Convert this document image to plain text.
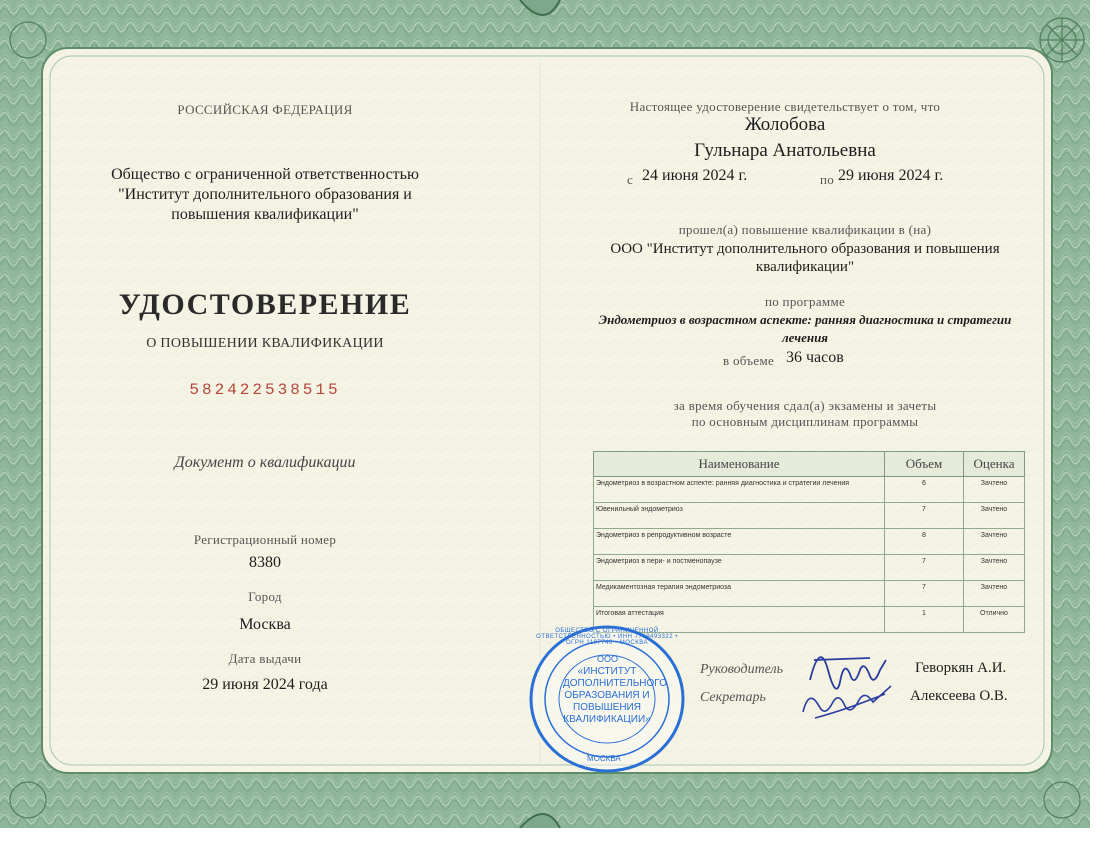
РОССИЙСКАЯ ФЕДЕРАЦИЯ
Общество с ограниченной ответственностью
"Институт дополнительного образования и
повышения квалификации"
УДОСТОВЕРЕНИЕ
О ПОВЫШЕНИИ КВАЛИФИКАЦИИ
582422538515
Документ о квалификации
Регистрационный номер
8380
Город
Москва
Дата выдачи
29 июня 2024 года
Настоящее удостоверение свидетельствует о том, что
Жолобова
Гульнара Анатольевна
с 24 июня 2024 г.	по 29 июня 2024 г.
прошел(а) повышение квалификации в (на)
ООО "Институт дополнительного образования и повышения
квалификации"
по программе
Эндометриоз в возрастном аспекте: ранняя диагностика и стратегии
лечения
в объеме 36 часов
за время обучения сдал(а) экзамены и зачеты
по основным дисциплинам программы
Наименование	Объем	Оценка
Эндометриоз в возрастном аспекте: ранняя диагностика и стратегии лечения	6	Зачтено
Ювенильный эндометриоз	7	Зачтено
Эндометриоз в репродуктивном возрасте	8	Зачтено
Эндометриоз в пери- и постменопаузе	7	Зачтено
Медикаментозная терапия эндометриоза	7	Зачтено
Итоговая аттестация	1	Отлично
Руководитель	Геворкян А.И.
Секретарь	Алексеева О.В.
ОБЩЕСТВО С ОГРАНИЧЕННОЙ ОТВЕТСТВЕННОСТЬЮ • ИНН 7719493322 • ОГРН 1197746 • МОСКВА
ООО
«ИНСТИТУТ ДОПОЛНИТЕЛЬНОГО ОБРАЗОВАНИЯ И ПОВЫШЕНИЯ КВАЛИФИКАЦИИ»
МОСКВА
